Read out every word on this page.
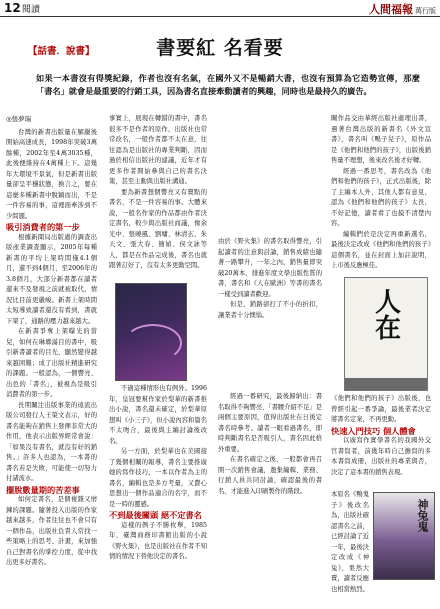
12 閱讀	人間福報 萬行版
【話書．說書】	書要紅 名看要
如果一本書沒有得獎紀錄，作者也沒有名氣，在國外又不是暢銷大書，也沒有預算為它造勢宣傳，那麼「書名」就會是最重要的行銷工具，因為書名直接牽動讀者的興趣，同時也是最持久的廣告。
◎張夢瑞

台灣的新書出版量在解嚴後開始高速成長，1998年突破3萬餘種，2002年至4萬3035種，此後便維持在4萬種上下。這幾年大環境不景氣，但是新書出版量卻呈平穩狀態，換言之，要在這麼多種新書中脫穎而出，不是一件容易的事，這裡面牽涉到不少問題。

吸引消費者的第一步

根據新聞局出版處的調查出版產業調查顯示，2005年每種新書的平均上架時間僅4.1個月，還不到4個月，至2006年的3.8個月，大部分新書都在讀者還來不及發現之前就被取代，情況比目前更嚴峻。新書上架時間太短導致讀者還沒有看到，書就下架了，通路的壓力越來越大。

在新書爭奪上架曝光的當兒，如何在琳瑯滿目的書中，吸引新書讀者的目光，顯然變得越來越困難；成了出版社精進研究的課題。一般認為，一個響亮、出色的「書名」，被視為是吸引消費者的第一步。

長期關注出版事業的遠流出版公司發行人王榮文表示，好的書名能夠在銷售上發揮非常大的作用，他表示出版界經常會說：「如果沒有書名，就沒有好的銷售。」許多人也認為，一本書的書名若是失敗，可能使一切努力付諸流水。

擺脫數量期的苦差事

如何定書名，是個複雜又磨鍊的課題。隨著投入出版的作家越來越多，作者往往也不會只有一個作品，出版社負責人常找一些策略上的思考、計畫，來加強自己對書名的掌控力度，從中找出更多好書名。

事實上，展現在轉錯的書中，書名很多不是作者的原作，出版社也常常改名，一般作者都不太在意，往往認為是出版社的專業判斷，因而過於相信出版社的建議，近年才有更多作者開始參與自己的書名決策，甚至主動與出版社溝通。

要為新書想個響亮又有賣點的書名，不是一件容易的事。大體來說，一般名作家的作品都由作者決定書名，較少與出版社商議，像余光中、張曉風、劉墉、林清玄、朱天文、張大春、簡媜、侯文詠等人，都是在作品完成後，書名也就跟著訂好了，沒有太多更動空間。

不過這種情形也有例外。1996年，皇冠要幫作家於梨華的新書推出小說，書名還未確定，於梨華原想叫《小三子》，但小說內容和篇名不太吻合，最後與主編討論後改名。

另一方面，於梨華也在美國接了幾個相關的報導，書名主要推廣她的寫作技巧，一本以作者為主的書名，編輯也是多方考量，又費心思想出一個作品適合的名字，而不是一時的靈感。

不到最後關頭 絕不定書名

這樣的例子不勝枚舉，1985年，臺灣商務印書館出版的小說《野火集》，也是出版社在作者不知情的情況下替他決定的書名。

由於《野火集》的書名取得響亮，引起讀者的注意與討論，銷售成績也隨著一路攀升，一年之內，銷售量即突破20萬本，排進年度文學出版性質的書，書名和《人在歐洲》等書的書名一樣受到讀者歡迎。

但是，銷路卻打了不小的折扣，讓業者十分懊惱。

經過一番研究，最後歸納出：書名取得不夠響亮、「書腰介紹不足」是兩個主要原因，值得出版社在日後定書名時參考。讀者一眼看過書名，即時判斷書名是否吸引人，書名因此格外重要。

在書名確定之後，一般都會再召開一次銷售會議，邀集編輯、業務、行銷人員共同討論，確認最後的書名，才能進入印刷製作的階段。

關作品交由華經出版社處理出書，遇著台灣出版的新書名《外文宣書》，書名叫《鴨子兒子》，原作品是《他們和他們的孩子》，出版後銷售量不理想，後來改名後才好轉。

經過一番思考，書名改為《他們和他們的孩子》，正式出版後，除了主編本人外，其他人都有意見，認為《他們和他們的孩子》太長，不好記憶，讀者看了也摸不清楚內容。

編輯們於是決定再重新選名，最後決定改成《他們和他們的孩子》這個書名，並在封面上加註說明，上市後反應極佳。

人
在

《他們和他們的孩子》出版後，也曾經引起一番爭論，最後業者決定將書名定案，不再更動。

快速入門技巧 個人體會

以廣寫作實學書名的我國外交官書寫者，前幾年時自己擔寫的多本書寫成冊，出版社的專業與否，決定了這本書的銷售表現。

本原名《鴨鬼子》後改名為，出版社確認書名之前，已經討論了近一年，最後決定改成《神兔》，果然大賣，讀者反應也相當熱烈。

神兔鬼
